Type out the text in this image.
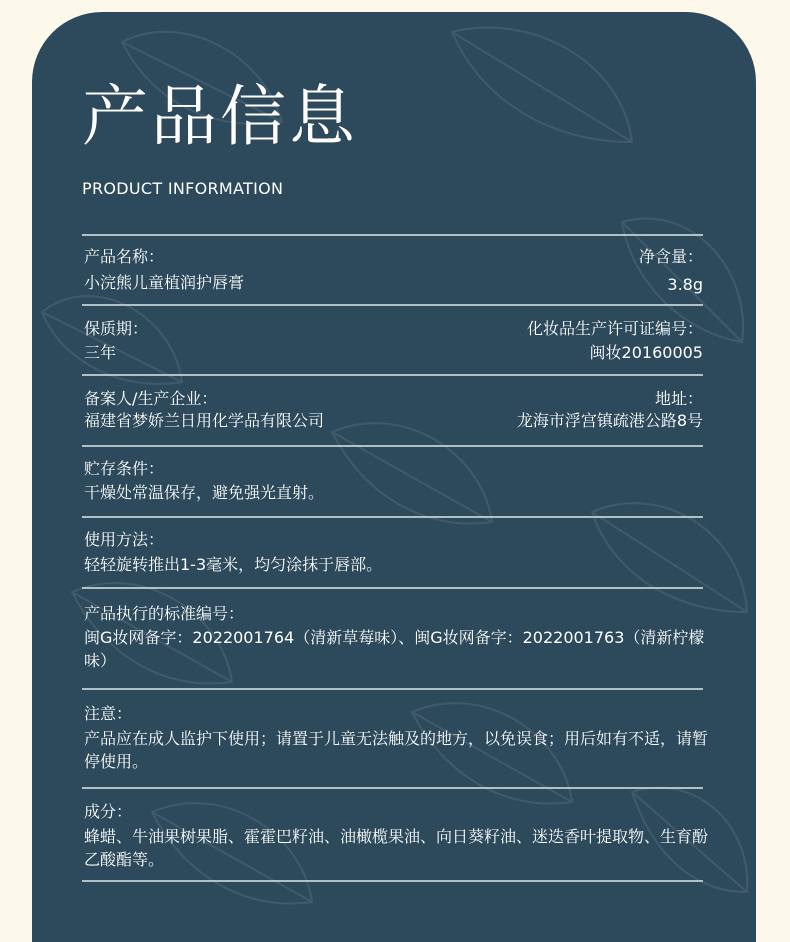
产品信息
PRODUCT INFORMATION
产品名称：
小浣熊儿童植润护唇膏
净含量：
3.8g
保质期：
三年
化妆品生产许可证编号：
闽妆20160005
备案人/生产企业：
福建省梦娇兰日用化学品有限公司
地址：
龙海市浮宫镇疏港公路8号
贮存条件：
干燥处常温保存，避免强光直射。
使用方法：
轻轻旋转推出1-3毫米，均匀涂抹于唇部。
产品执行的标准编号：
闽G妆网备字：2022001764（清新草莓味）、闽G妆网备字：2022001763（清新柠檬味）
注意：
产品应在成人监护下使用；请置于儿童无法触及的地方，以免误食；用后如有不适，请暂停使用。
成分：
蜂蜡、牛油果树果脂、霍霍巴籽油、油橄榄果油、向日葵籽油、迷迭香叶提取物、生育酚乙酸酯等。
